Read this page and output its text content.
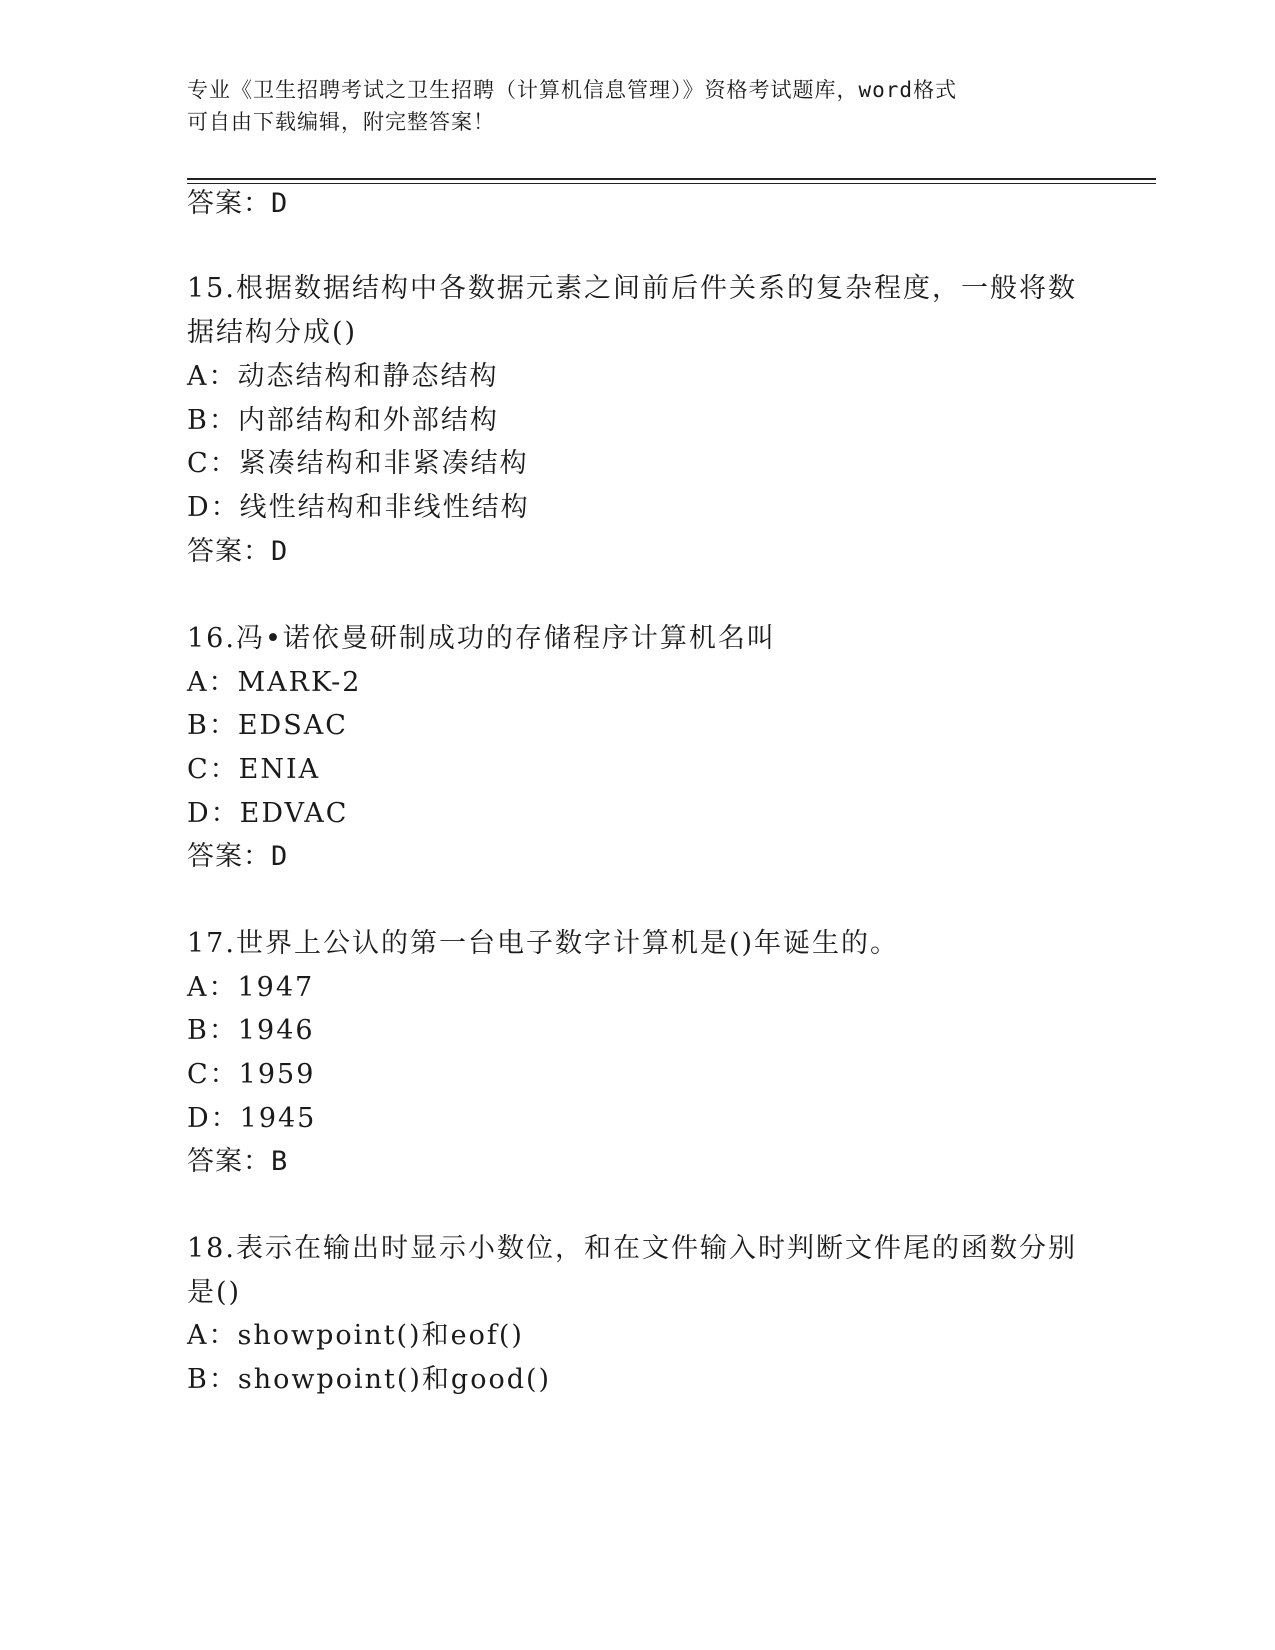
专业《卫生招聘考试之卫生招聘（计算机信息管理）》资格考试题库，word格式
可自由下载编辑，附完整答案！
答案：D
15.根据数据结构中各数据元素之间前后件关系的复杂程度，一般将数
据结构分成()
A：动态结构和静态结构
B：内部结构和外部结构
C：紧凑结构和非紧凑结构
D：线性结构和非线性结构
答案：D
16.冯•诺依曼研制成功的存储程序计算机名叫
A：MARK-2
B：EDSAC
C：ENIA
D：EDVAC
答案：D
17.世界上公认的第一台电子数字计算机是()年诞生的。
A：1947
B：1946
C：1959
D：1945
答案：B
18.表示在输出时显示小数位，和在文件输入时判断文件尾的函数分别
是()
A：showpoint()和eof()
B：showpoint()和good()
